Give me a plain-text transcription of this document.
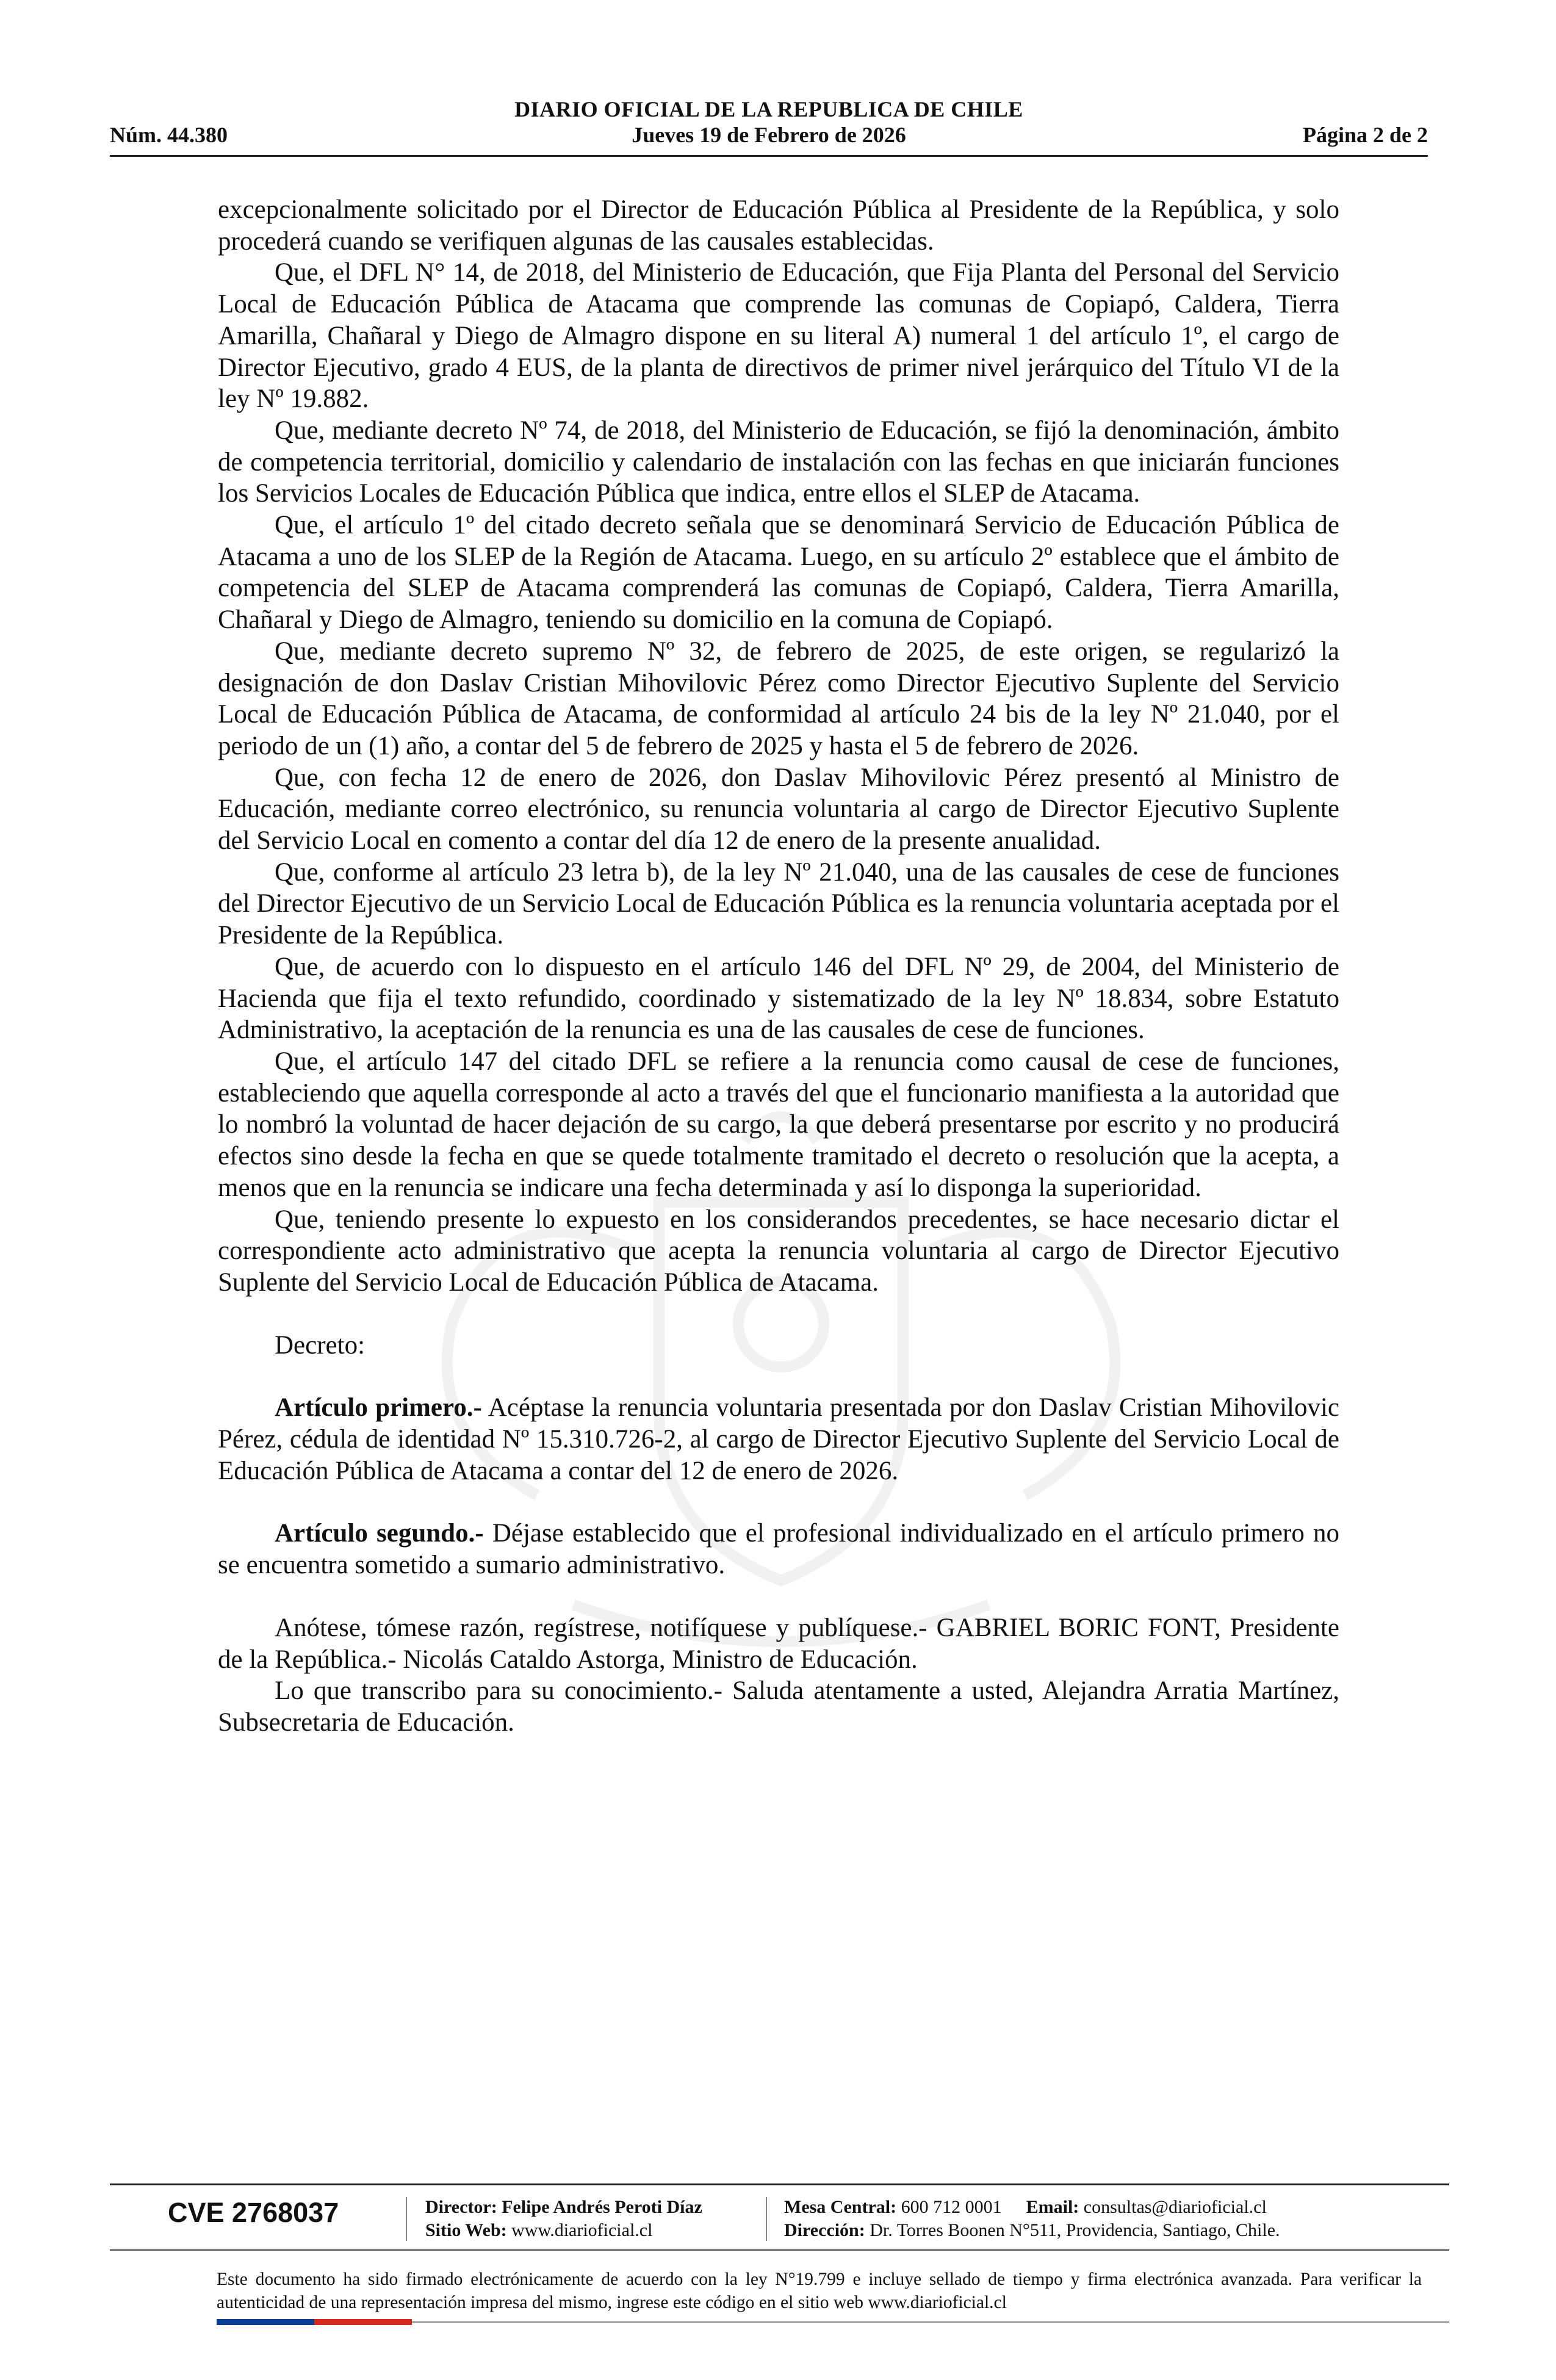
DIARIO OFICIAL DE LA REPUBLICA DE CHILE
Núm. 44.380	Jueves 19 de Febrero de 2026	Página 2 de 2

excepcionalmente solicitado por el Director de Educación Pública al Presidente de la República, y solo procederá cuando se verifiquen algunas de las causales establecidas.

Que, el DFL N° 14, de 2018, del Ministerio de Educación, que Fija Planta del Personal del Servicio Local de Educación Pública de Atacama que comprende las comunas de Copiapó, Caldera, Tierra Amarilla, Chañaral y Diego de Almagro dispone en su literal A) numeral 1 del artículo 1º, el cargo de Director Ejecutivo, grado 4 EUS, de la planta de directivos de primer nivel jerárquico del Título VI de la ley Nº 19.882.

Que, mediante decreto Nº 74, de 2018, del Ministerio de Educación, se fijó la denominación, ámbito de competencia territorial, domicilio y calendario de instalación con las fechas en que iniciarán funciones los Servicios Locales de Educación Pública que indica, entre ellos el SLEP de Atacama.

Que, el artículo 1º del citado decreto señala que se denominará Servicio de Educación Pública de Atacama a uno de los SLEP de la Región de Atacama. Luego, en su artículo 2º establece que el ámbito de competencia del SLEP de Atacama comprenderá las comunas de Copiapó, Caldera, Tierra Amarilla, Chañaral y Diego de Almagro, teniendo su domicilio en la comuna de Copiapó.

Que, mediante decreto supremo Nº 32, de febrero de 2025, de este origen, se regularizó la designación de don Daslav Cristian Mihovilovic Pérez como Director Ejecutivo Suplente del Servicio Local de Educación Pública de Atacama, de conformidad al artículo 24 bis de la ley Nº 21.040, por el periodo de un (1) año, a contar del 5 de febrero de 2025 y hasta el 5 de febrero de 2026.

Que, con fecha 12 de enero de 2026, don Daslav Mihovilovic Pérez presentó al Ministro de Educación, mediante correo electrónico, su renuncia voluntaria al cargo de Director Ejecutivo Suplente del Servicio Local en comento a contar del día 12 de enero de la presente anualidad.

Que, conforme al artículo 23 letra b), de la ley Nº 21.040, una de las causales de cese de funciones del Director Ejecutivo de un Servicio Local de Educación Pública es la renuncia voluntaria aceptada por el Presidente de la República.

Que, de acuerdo con lo dispuesto en el artículo 146 del DFL Nº 29, de 2004, del Ministerio de Hacienda que fija el texto refundido, coordinado y sistematizado de la ley Nº 18.834, sobre Estatuto Administrativo, la aceptación de la renuncia es una de las causales de cese de funciones.

Que, el artículo 147 del citado DFL se refiere a la renuncia como causal de cese de funciones, estableciendo que aquella corresponde al acto a través del que el funcionario manifiesta a la autoridad que lo nombró la voluntad de hacer dejación de su cargo, la que deberá presentarse por escrito y no producirá efectos sino desde la fecha en que se quede totalmente tramitado el decreto o resolución que la acepta, a menos que en la renuncia se indicare una fecha determinada y así lo disponga la superioridad.

Que, teniendo presente lo expuesto en los considerandos precedentes, se hace necesario dictar el correspondiente acto administrativo que acepta la renuncia voluntaria al cargo de Director Ejecutivo Suplente del Servicio Local de Educación Pública de Atacama.

Decreto:

Artículo primero.- Acéptase la renuncia voluntaria presentada por don Daslav Cristian Mihovilovic Pérez, cédula de identidad Nº 15.310.726-2, al cargo de Director Ejecutivo Suplente del Servicio Local de Educación Pública de Atacama a contar del 12 de enero de 2026.

Artículo segundo.- Déjase establecido que el profesional individualizado en el artículo primero no se encuentra sometido a sumario administrativo.

Anótese, tómese razón, regístrese, notifíquese y publíquese.- GABRIEL BORIC FONT, Presidente de la República.- Nicolás Cataldo Astorga, Ministro de Educación.

Lo que transcribo para su conocimiento.- Saluda atentamente a usted, Alejandra Arratia Martínez, Subsecretaria de Educación.

CVE 2768037	Director: Felipe Andrés Peroti Díaz
Sitio Web: www.diarioficial.cl
Mesa Central: 600 712 0001 Email: consultas@diarioficial.cl
Dirección: Dr. Torres Boonen N°511, Providencia, Santiago, Chile.
Este documento ha sido firmado electrónicamente de acuerdo con la ley N°19.799 e incluye sellado de tiempo y firma electrónica avanzada. Para verificar la autenticidad de una representación impresa del mismo, ingrese este código en el sitio web www.diarioficial.cl
